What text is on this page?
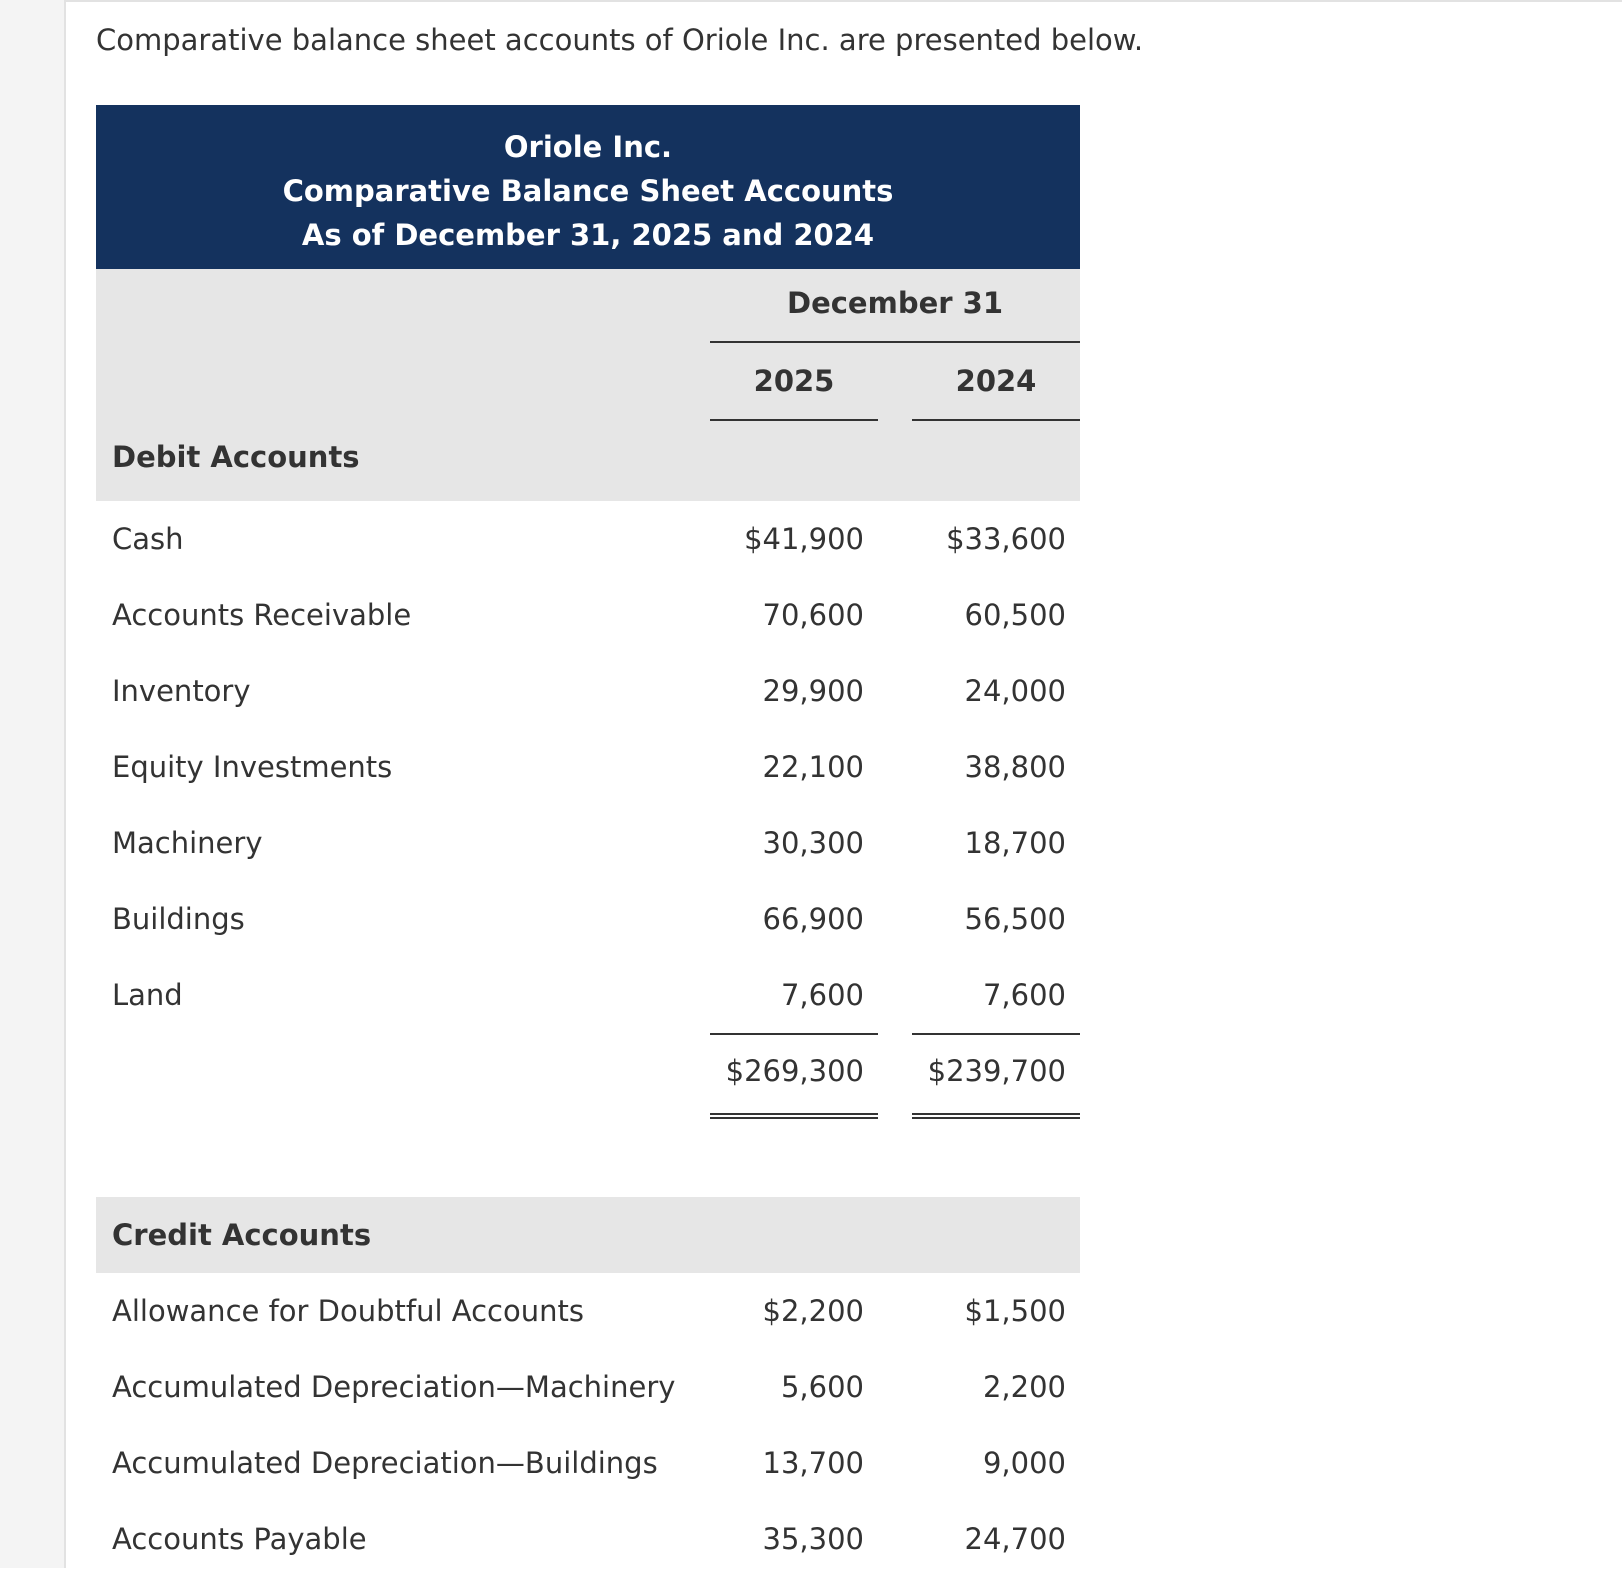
Comparative balance sheet accounts of Oriole Inc. are presented below.
Oriole Inc.
Comparative Balance Sheet Accounts
As of December 31, 2025 and 2024
December 31
2025	2024
Debit Accounts
Cash	$41,900	$33,600
Accounts Receivable	70,600	60,500
Inventory	29,900	24,000
Equity Investments	22,100	38,800
Machinery	30,300	18,700
Buildings	66,900	56,500
Land	7,600	7,600
$269,300	$239,700
Credit Accounts
Allowance for Doubtful Accounts	$2,200	$1,500
Accumulated Depreciation—Machinery	5,600	2,200
Accumulated Depreciation—Buildings	13,700	9,000
Accounts Payable	35,300	24,700
